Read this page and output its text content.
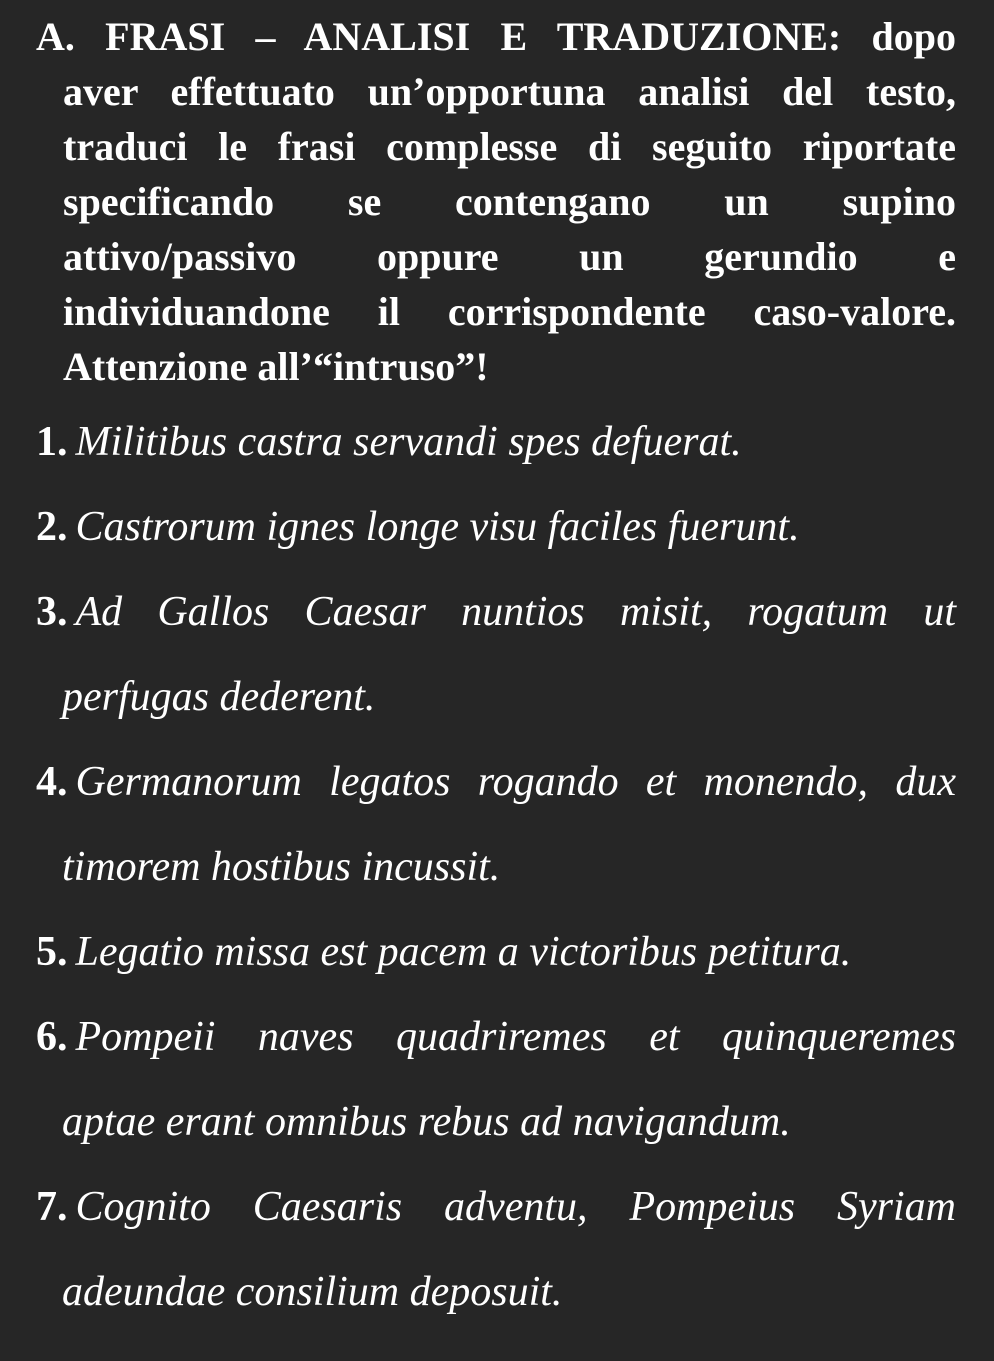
A. FRASI – ANALISI E TRADUZIONE: dopo
aver effettuato un’opportuna analisi del testo,
traduci le frasi complesse di seguito riportate
specificando se contengano un supino
attivo/passivo oppure un gerundio e
individuandone il corrispondente caso-valore.
Attenzione all’“intruso”!
1. Militibus castra servandi spes defuerat.
2. Castrorum ignes longe visu faciles fuerunt.
3. Ad Gallos Caesar nuntios misit, rogatum ut
perfugas dederent.
4. Germanorum legatos rogando et monendo, dux
timorem hostibus incussit.
5. Legatio missa est pacem a victoribus petitura.
6. Pompeii naves quadriremes et quinqueremes
aptae erant omnibus rebus ad navigandum.
7. Cognito Caesaris adventu, Pompeius Syriam
adeundae consilium deposuit.
